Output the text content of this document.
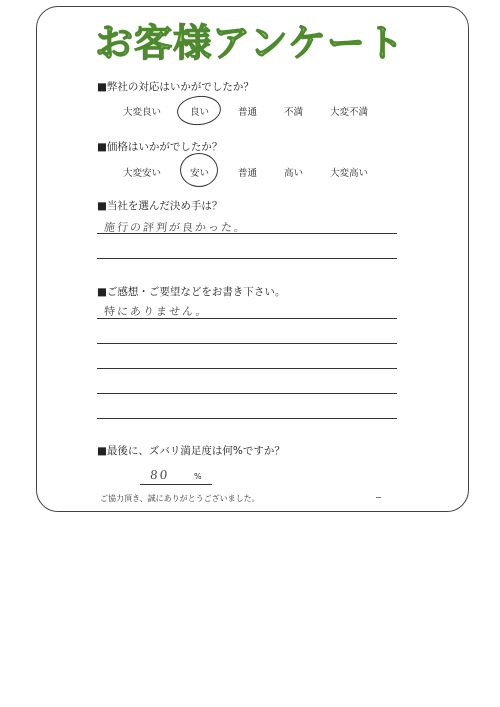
お客様アンケート
■弊社の対応はいかがでしたか？
大変良い	良い	普通	不満	大変不満
■価格はいかがでしたか？
大変安い	安い	普通	高い	大変高い
■当社を選んだ決め手は？
施行の評判が良かった。
■ご感想・ご要望などをお書き下さい。
特にありません。
■最後に、ズバリ満足度は何%ですか？
80	%
ご協力頂き、誠にありがとうございました。
